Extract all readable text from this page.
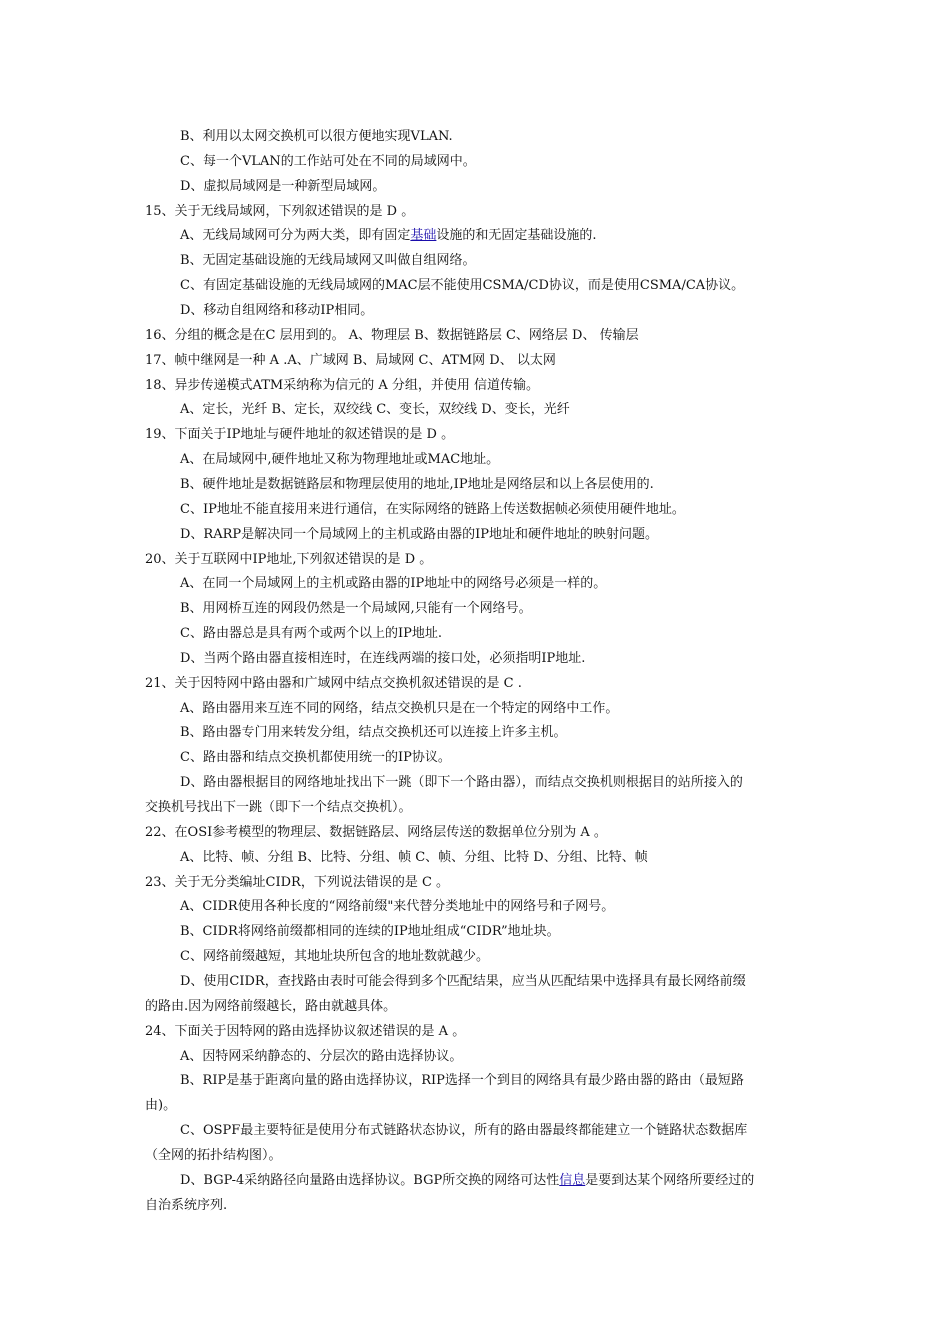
B、利用以太网交换机可以很方便地实现VLAN.
C、每一个VLAN的工作站可处在不同的局域网中。
D、虚拟局域网是一种新型局域网。
15、关于无线局域网，下列叙述错误的是 D 。
A、无线局域网可分为两大类，即有固定基础设施的和无固定基础设施的.
B、无固定基础设施的无线局域网又叫做自组网络。
C、有固定基础设施的无线局域网的MAC层不能使用CSMA/CD协议，而是使用CSMA/CA协议。
D、移动自组网络和移动IP相同。
16、分组的概念是在C 层用到的。 A、物理层 B、数据链路层 C、网络层 D、 传输层
17、帧中继网是一种 A .A、广域网 B、局域网 C、ATM网 D、 以太网
18、异步传递模式ATM采纳称为信元的 A 分组，并使用 信道传输。
A、定长，光纤 B、定长，双绞线 C、变长，双绞线 D、变长，光纤
19、下面关于IP地址与硬件地址的叙述错误的是 D 。
A、在局域网中,硬件地址又称为物理地址或MAC地址。
B、硬件地址是数据链路层和物理层使用的地址,IP地址是网络层和以上各层使用的.
C、IP地址不能直接用来进行通信，在实际网络的链路上传送数据帧必须使用硬件地址。
D、RARP是解决同一个局域网上的主机或路由器的IP地址和硬件地址的映射问题。
20、关于互联网中IP地址,下列叙述错误的是 D 。
A、在同一个局域网上的主机或路由器的IP地址中的网络号必须是一样的。
B、用网桥互连的网段仍然是一个局域网,只能有一个网络号。
C、路由器总是具有两个或两个以上的IP地址.
D、当两个路由器直接相连时，在连线两端的接口处，必须指明IP地址.
21、关于因特网中路由器和广域网中结点交换机叙述错误的是 C .
A、路由器用来互连不同的网络，结点交换机只是在一个特定的网络中工作。
B、路由器专门用来转发分组，结点交换机还可以连接上许多主机。
C、路由器和结点交换机都使用统一的IP协议。
D、路由器根据目的网络地址找出下一跳（即下一个路由器），而结点交换机则根据目的站所接入的
交换机号找出下一跳（即下一个结点交换机）。
22、在OSI参考模型的物理层、数据链路层、网络层传送的数据单位分别为 A 。
A、比特、帧、分组 B、比特、分组、帧 C、帧、分组、比特 D、分组、比特、帧
23、关于无分类编址CIDR，下列说法错误的是 C 。
A、CIDR使用各种长度的“网络前缀"来代替分类地址中的网络号和子网号。
B、CIDR将网络前缀都相同的连续的IP地址组成“CIDR”地址块。
C、网络前缀越短，其地址块所包含的地址数就越少。
D、使用CIDR，查找路由表时可能会得到多个匹配结果，应当从匹配结果中选择具有最长网络前缀
的路由.因为网络前缀越长，路由就越具体。
24、下面关于因特网的路由选择协议叙述错误的是 A 。
A、因特网采纳静态的、分层次的路由选择协议。
B、RIP是基于距离向量的路由选择协议，RIP选择一个到目的网络具有最少路由器的路由（最短路
由)。
C、OSPF最主要特征是使用分布式链路状态协议，所有的路由器最终都能建立一个链路状态数据库
（全网的拓扑结构图）。
D、BGP-4采纳路径向量路由选择协议。BGP所交换的网络可达性信息是要到达某个网络所要经过的
自治系统序列.
